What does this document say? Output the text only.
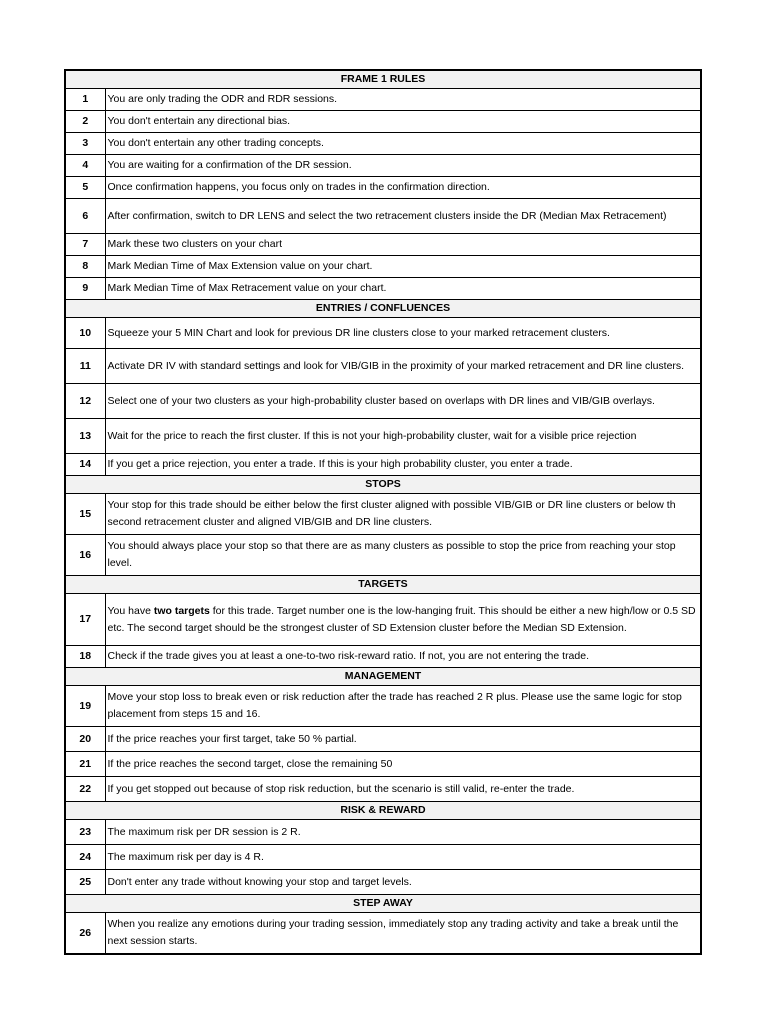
FRAME 1 RULES	
1	You are only trading the ODR and RDR sessions.
2	You don't entertain any directional bias.
3	You don't entertain any other trading concepts.
4	You are waiting for a confirmation of the DR session.
5	Once confirmation happens, you focus only on trades in the confirmation direction.
6	After confirmation, switch to DR LENS and select the two retracement clusters inside the DR (Median Max Retracement)
7	Mark these two clusters on your chart
8	Mark Median Time of Max Extension value on your chart.
9	Mark Median Time of Max Retracement value on your chart.
ENTRIES / CONFLUENCES	
10	Squeeze your 5 MIN Chart and look for previous DR line clusters close to your marked retracement clusters.
11	Activate DR IV with standard settings and look for VIB/GIB in the proximity of your marked retracement and DR line clusters.
12	Select one of your two clusters as your high-probability cluster based on overlaps with DR lines and VIB/GIB overlays.
13	Wait for the price to reach the first cluster. If this is not your high-probability cluster, wait for a visible price rejection
14	If you get a price rejection, you enter a trade. If this is your high probability cluster, you enter a trade.
STOPS	
15	Your stop for this trade should be either below the first cluster aligned with possible VIB/GIB or DR line clusters or below th second retracement cluster and aligned VIB/GIB and DR line clusters.
16	You should always place your stop so that there are as many clusters as possible to stop the price from reaching your stop level.
TARGETS	
17	You have two targets for this trade. Target number one is the low-hanging fruit. This should be either a new high/low or 0.5 SD etc. The second target should be the strongest cluster of SD Extension cluster before the Median SD Extension.
18	Check if the trade gives you at least a one-to-two risk-reward ratio. If not, you are not entering the trade.
MANAGEMENT	
19	Move your stop loss to break even or risk reduction after the trade has reached 2 R plus. Please use the same logic for stop placement from steps 15 and 16.
20	If the price reaches your first target, take 50 % partial.
21	If the price reaches the second target, close the remaining 50
22	If you get stopped out because of stop risk reduction, but the scenario is still valid, re-enter the trade.
RISK & REWARD	
23	The maximum risk per DR session is 2 R.
24	The maximum risk per day is 4 R.
25	Don't enter any trade without knowing your stop and target levels.
STEP AWAY	
26	When you realize any emotions during your trading session, immediately stop any trading activity and take a break until the next session starts.
